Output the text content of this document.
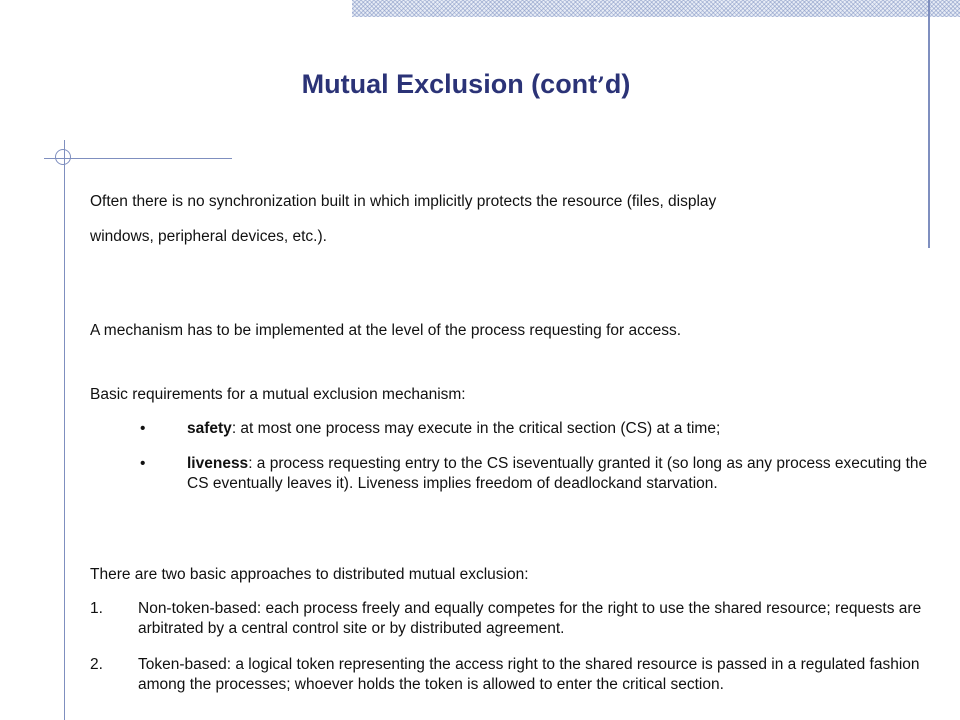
Mutual Exclusion (cont’d)
Often there is no synchronization built in which implicitly protects the resource (files, display
windows, peripheral devices, etc.).

A mechanism has to be implemented at the level of the process requesting for access.

Basic requirements for a mutual exclusion mechanism:

•	safety: at most one process may execute in the critical section (CS) at a time;
•	liveness: a process requesting entry to the CS iseventually granted it (so long as any process executing the CS eventually leaves it). Liveness implies freedom of deadlockand starvation.

There are two basic approaches to distributed mutual exclusion:

1. Non-token-based: each process freely and equally competes for the right to use the shared resource; requests are arbitrated by a central control site or by distributed agreement.
2. Token-based: a logical token representing the access right to the shared resource is passed in a regulated fashion among the processes; whoever holds the token is allowed to enter the critical section.
